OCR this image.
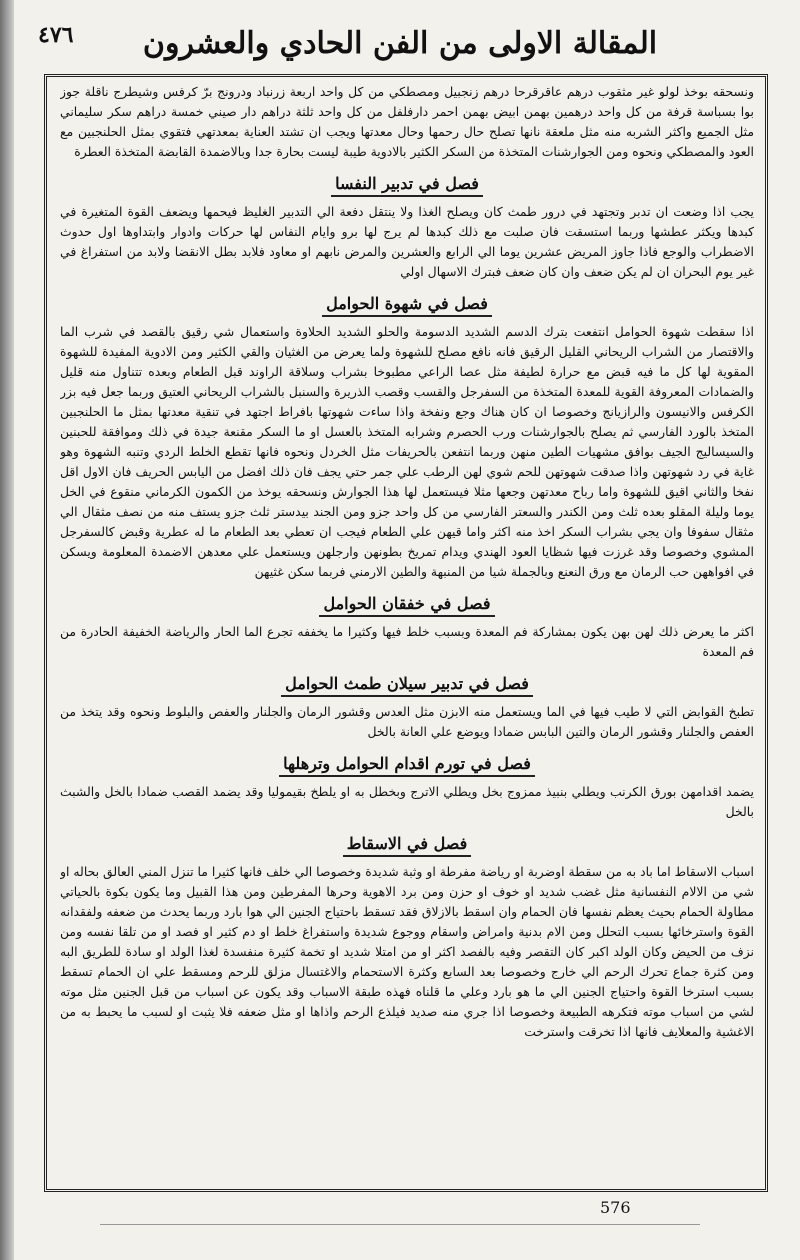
٤٧٦	المقالة الاولى من الفن الحادي والعشرون

ونسحقه بوخذ لولو غير مثقوب درهم عاقرقرحا درهم زنجبيل ومصطكي من كل واحد اربعة زرنباد ودرونج برّ كرفس وشيطرج ناقلة جوز بوا بسباسة قرفة من كل واحد درهمين بهمن ابيض بهمن احمر دارفلفل من كل واحد ثلثة دراهم دار صيني خمسة دراهم سكر سليماني مثل الجميع واكثر الشربه منه مثل ملعقة نانها تصلح حال رحمها وحال معدتها ويجب ان تشتد العناية بمعدتهي فتقوي بمثل الحلنجبين مع العود والمصطكي ونحوه ومن الجوارشنات المتخذة من السكر الكثير بالادوية طيبة ليست بحارة جدا وبالاضمدة القابضة المتخذة العطرة

فصل في تدبير النفسا

يجب اذا وضعت ان تدبر وتجتهد في درور طمث كان ويصلح الغذا ولا ينتقل دفعة الي التدبير الغليظ فيحمها ويضعف القوة المتغيرة في كبدها ويكثر عطشها وربما استسقت فان صلبت مع ذلك كبدها لم يرج لها برو وايام النفاس لها حركات وادوار وابتداوها اول حدوث الاضطراب والوجع فاذا جاوز المريض عشرين يوما الي الرابع والعشرين والمرض نابهم او معاود فلابد بطل الانقضا ولابد من استفراغ في غير يوم البحران ان لم يكن ضعف وان كان ضعف فبترك الاسهال اولي

فصل في شهوة الحوامل

اذا سقطت شهوة الحوامل انتفعت بترك الدسم الشديد الدسومة والحلو الشديد الحلاوة واستعمال شي رقيق بالقصد في شرب الما والاقتصار من الشراب الريحاني القليل الرقيق فانه نافع مصلح للشهوة ولما يعرض من الغثيان والقي الكثير ومن الادوية المفيدة للشهوة المقوية لها كل ما فيه قبض مع حرارة لطيفة مثل عصا الراعي مطبوخا بشراب وسلاقة الراوند قبل الطعام وبعده تتناول منه قليل والضمادات المعروفة القوية للمعدة المتخذة من السفرجل والقسب وقصب الذريرة والسنبل بالشراب الريحاني العتيق وربما جعل فيه بزر الكرفس والانيسون والرازيانج وخصوصا ان كان هناك وجع ونفخة واذا ساءت شهوتها بافراط اجتهد في تنقية معدتها بمثل ما الحلنجبين المتخذ بالورد الفارسي ثم يصلح بالجوارشنات ورب الحصرم وشرابه المتخذ بالعسل او ما السكر مقنعة جيدة في ذلك وموافقة للحبنين والسيساليج الجيف بوافق مشهيات الطين منهن وربما انتفعن بالحريفات مثل الخردل ونحوه فانها تقطع الخلط الردي وتنبه الشهوة وهو غاية في رد شهوتهن واذا صدقت شهوتهن للحم شوي لهن الرطب علي جمر حتي يجف فان ذلك افضل من اليابس الحريف فان الاول اقل نفخا والثاني اقيق للشهوة واما رباح معدتهن وجعها مثلا فيستعمل لها هذا الجوارش ونسحقه يوخذ من الكمون الكرماني منقوع في الخل يوما وليلة المقلو بعده ثلث ومن الكندر والسعتر الفارسي من كل واحد جزو ومن الجند بيدستر ثلث جزو يستف منه من نصف مثقال الي مثقال سفوفا وان يجي بشراب السكر اخذ منه اكثر واما قيهن علي الطعام فيجب ان تعطي بعد الطعام ما له عطرية وقبض كالسفرجل المشوي وخصوصا وقد غرزت فيها شظايا العود الهندي ويدام تمريخ بطونهن وارجلهن ويستعمل علي معدهن الاضمدة المعلومة ويسكن في افواههن حب الرمان مع ورق النعنع وبالجملة شيا من المنبهة والطين الارمني فربما سكن غثيهن

فصل في خفقان الحوامل

اكثر ما يعرض ذلك لهن بهن يكون بمشاركة فم المعدة وبسبب خلط فيها وكثيرا ما يخففه تجرع الما الحار والرياضة الخفيفة الحادرة من فم المعدة

فصل في تدبير سيلان طمث الحوامل

تطبخ القوابض التي لا طيب فيها في الما ويستعمل منه الابزن مثل العدس وقشور الرمان والجلنار والعفص والبلوط ونحوه وقد يتخذ من العفص والجلنار وقشور الرمان والتين البابس ضمادا ويوضع علي العانة بالخل

فصل في تورم اقدام الحوامل وترهلها

يضمد اقدامهن بورق الكرنب ويطلي بنبيذ ممزوج بخل ويطلي الاترج وبخطل به او يلطخ بقيموليا وقد يضمد القصب ضمادا بالخل والشبث بالخل

فصل في الاسقاط

اسباب الاسقاط اما باد به من سقطة اوضربة او رياضة مفرطة او وثبة شديدة وخصوصا الي خلف فانها كثيرا ما تنزل المني العالق بحاله او شي من الالام النفسانية مثل غضب شديد او خوف او حزن ومن برد الاهوية وحرها المفرطين ومن هذا القبيل وما يكون بكوة بالحياتي مطاولة الحمام بحيث يعظم نفسها فان الحمام وان اسقط بالازلاق فقد تسقط باحتياج الجنين الي هوا بارد وربما يحدث من ضعفه ولفقدانه القوة واسترخائها بسبب التحلل ومن الام بدنية وامراض واسقام ووجوع شديدة واستفراغ خلط او دم كثير او فصد او من تلقا نفسه ومن نزف من الحيض وكان الولد اكبر كان التقصر وفيه بالفصد اكثر او من امتلا شديد او تخمة كثيرة منفسدة لغذا الولد او سادة للطريق البه ومن كثرة جماع تحرك الرحم الي خارج وخصوصا بعد السابع وكثرة الاستحمام والاغتسال مزلق للرحم ومسقط علي ان الحمام تسقط بسبب استرخا القوة واحتياج الجنين الي ما هو بارد وعلي ما قلناه فهذه طبقة الاسباب وقد يكون عن اسباب من قبل الجنين مثل موته لشي من اسباب موته فتكرهه الطبيعة وخصوصا اذا جري منه صديد فيلذع الرحم واذاها او مثل ضعفه فلا يثبت او لسبب ما يحبط به من الاغشية والمعلايف فانها اذا تخرقت واسترخت

576
